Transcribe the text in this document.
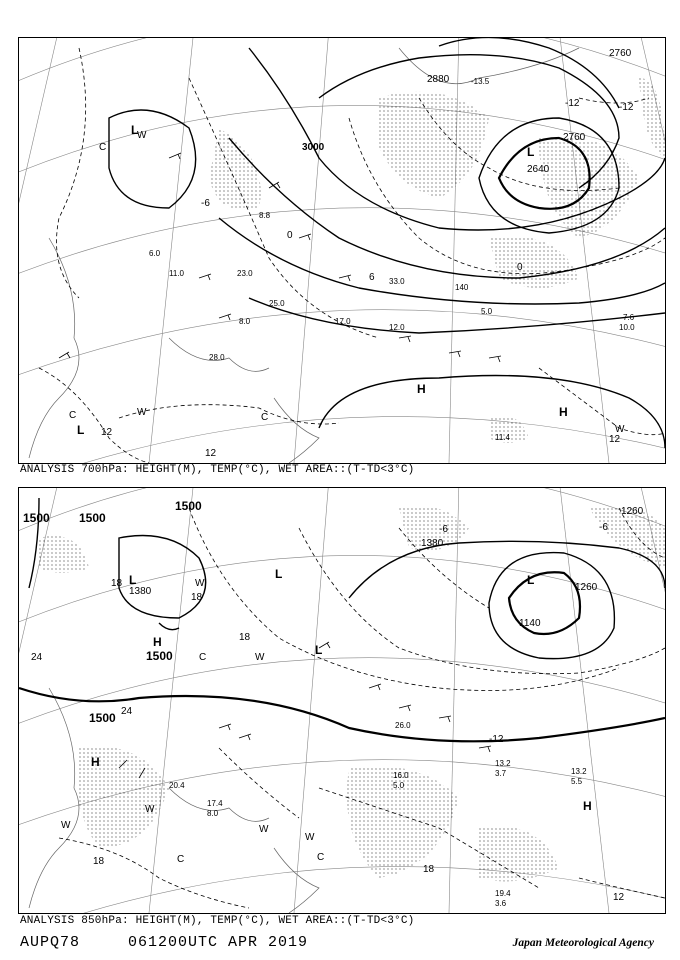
-13.5
6.0
11.0
8.8
23.0
25.0
17.0
10.0
12.0
8.0
33.0
28.0
11.4
7.6
5.0
2760
2880
3000
2640
2760
-12	-12
0
-6
0
6
12
12
12
L
L
L
H
H
C
C	C
W
W
W
140
ANALYSIS 700hPa: HEIGHT(M), TEMP(°C), WET AREA::(T-TD<3°C)
13.2
3.7	13.2
5.5
19.4
3.6
17.4
8.0
26.0
16.0
5.0
20.4
1500 1500
1500
1380
1500
1380
1260
1140
1260
1500
-6	-6
-12
24
24
18
18
18
18
12
18
L
H
L	L
L
H
H
C
C	C
W
W
W
W	W
W
ANALYSIS 850hPa: HEIGHT(M), TEMP(°C), WET AREA::(T-TD<3°C)
AUPQ78	061200UTC APR 2019	Japan Meteorological Agency
